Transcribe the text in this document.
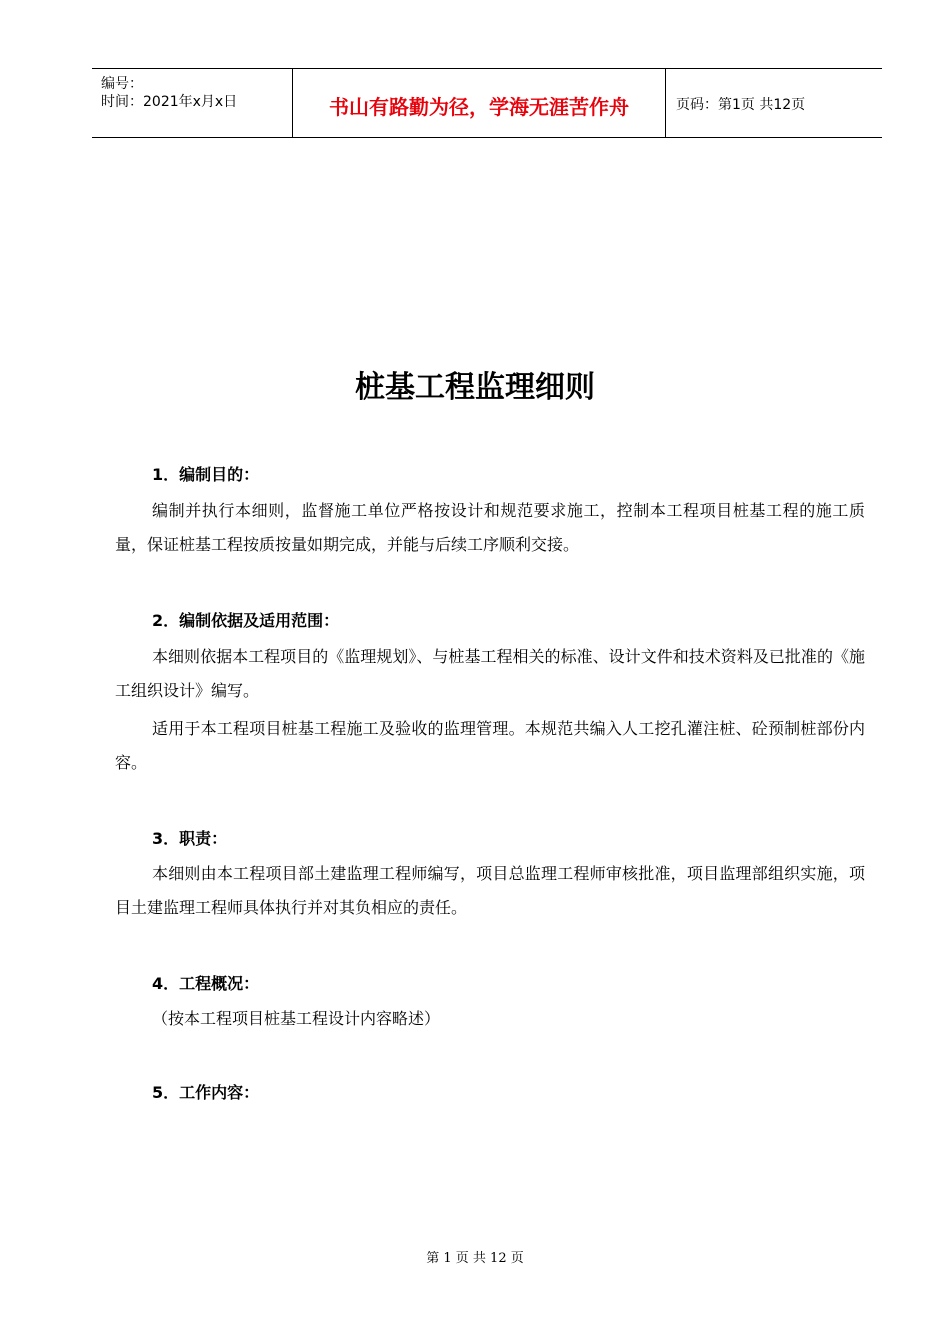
编号：
时间：2021年x月x日	书山有路勤为径，学海无涯苦作舟	页码：第1页 共12页
桩基工程监理细则
1．编制目的：
编制并执行本细则，监督施工单位严格按设计和规范要求施工，控制本工程项目桩基工程的施工质量，保证桩基工程按质按量如期完成，并能与后续工序顺利交接。
2．编制依据及适用范围：
本细则依据本工程项目的《监理规划》、与桩基工程相关的标准、设计文件和技术资料及已批准的《施工组织设计》编写。
适用于本工程项目桩基工程施工及验收的监理管理。本规范共编入人工挖孔灌注桩、砼预制桩部份内容。
3．职责：
本细则由本工程项目部土建监理工程师编写，项目总监理工程师审核批准，项目监理部组织实施，项目土建监理工程师具体执行并对其负相应的责任。
4．工程概况：
（按本工程项目桩基工程设计内容略述）
5．工作内容：
第 1 页 共 12 页
